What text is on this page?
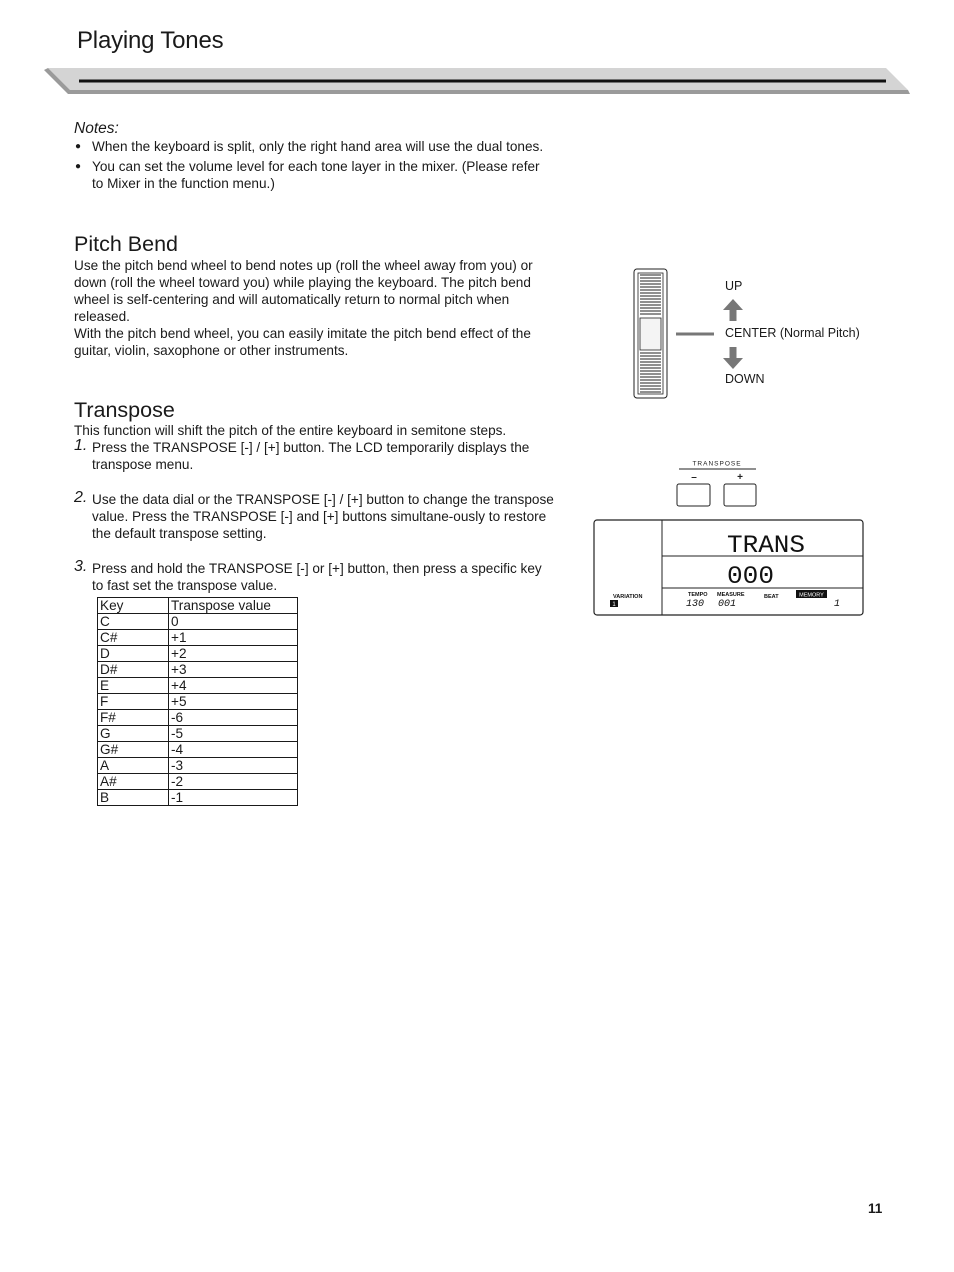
Playing Tones
Notes:
● When the keyboard is split, only the right hand area will use the dual tones.
● You can set the volume level for each tone layer in the mixer. (Please refer to Mixer in the function menu.)
Pitch Bend

Use the pitch bend wheel to bend notes up (roll the wheel away from you) or down (roll the wheel toward you) while playing the keyboard. The pitch bend wheel is self-centering and will automatically return to normal pitch when released.

With the pitch bend wheel, you can easily imitate the pitch bend effect of the guitar, violin, saxophone or other instruments.

UP
CENTER (Normal Pitch)
DOWN
Transpose
This function will shift the pitch of the entire keyboard in semitone steps.
1. Press the TRANSPOSE [-] / [+] button. The LCD temporarily displays the transpose menu.
2. Use the data dial or the TRANSPOSE [-] / [+] button to change the transpose value. Press the TRANSPOSE [-] and [+] buttons simultane-ously to restore the default transpose setting.
3. Press and hold the TRANSPOSE [-] or [+] button, then press a specific key to fast set the transpose value.
Key	Transpose value
C	0
C#	+1
D	+2
D#	+3
E	+4
F	+5
F#	-6
G	-5
G#	-4
A	-3
A#	-2
B	-1
TRANSPOSE
–	+
TRANS
000
VARIATION
1
TEMPO
130
MEASURE
001
BEAT	MEMORY
1
11
